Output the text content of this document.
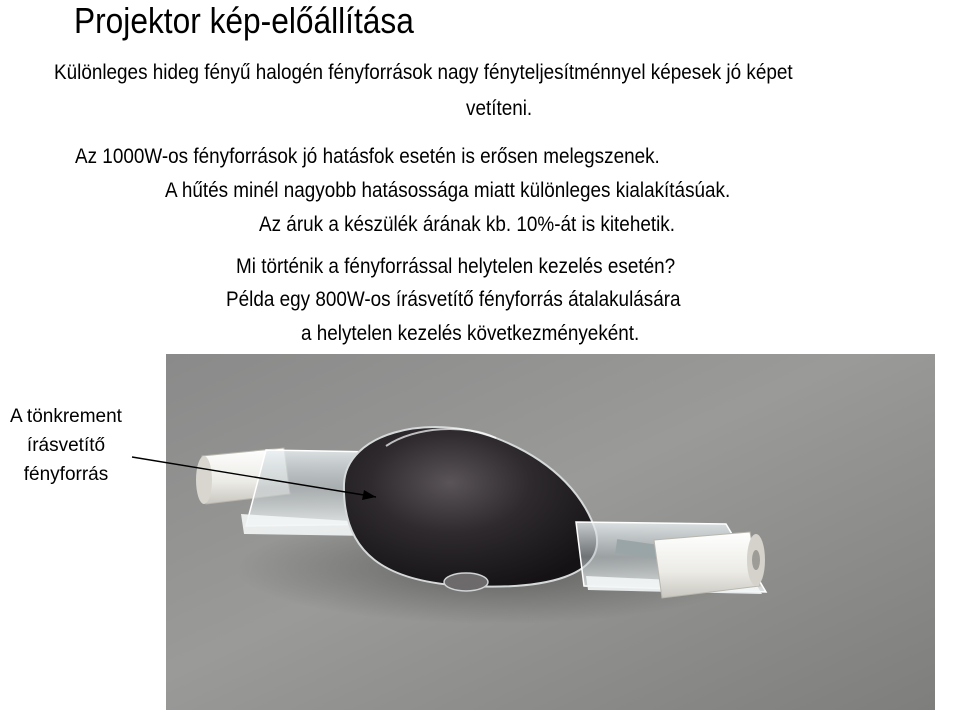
Projektor kép-előállítása
Különleges hideg fényű halogén fényforrások nagy fényteljesítménnyel képesek jó képet
vetíteni.
Az 1000W-os fényforrások jó hatásfok esetén is erősen melegszenek.
A hűtés minél nagyobb hatásossága miatt különleges kialakításúak.
Az áruk a készülék árának kb. 10%-át is kitehetik.
Mi történik a fényforrással helytelen kezelés esetén?
Példa egy 800W-os írásvetítő fényforrás átalakulására
a helytelen kezelés következményeként.
A tönkrement
írásvetítő
fényforrás
